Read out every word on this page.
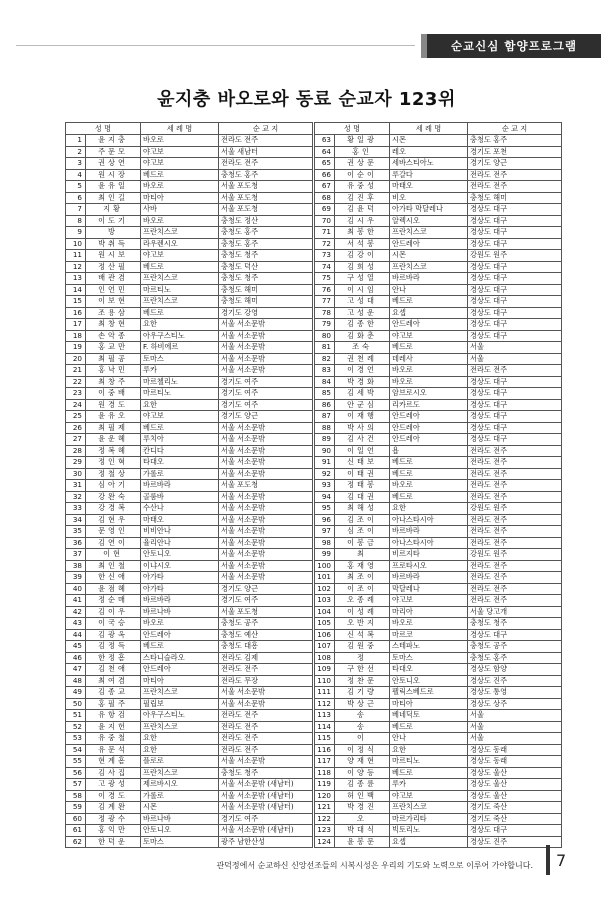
순교신심 함양프로그램
윤지충 바오로와 동료 순교자 123위
성 명		세 례 명	순 교 지
1	윤지충	바오로	전라도 전주
2	주문모	야고보	서울 새남터
3	권상연	야고보	전라도 전주
4	원시장	베드로	충청도 홍주
5	윤유일	바오로	서울 포도청
6	최인길	마티아	서울 포도청
7	지황	사바	서울 포도청
8	이도기	바오로	충청도 정산
9	방	프란치스코	충청도 홍주
10	박취득	라우렌시오	충청도 홍주
11	원시보	야고보	충청도 청주
12	정산필	베드로	충청도 덕산
13	배관겸	프란치스코	충청도 청주
14	인언민	마르티노	충청도 해미
15	이보현	프란치스코	충청도 해미
16	조용삼	베드로	경기도 강영
17	최창현	요한	서울 서소문밖
18	손악종	아우구스티노	서울 서소문밖
19	홍교만	F. 하비에르	서울 서소문밖
20	최필공	토마스	서울 서소문밖
21	홍낙민	루카	서울 서소문밖
22	최창주	마르첼리노	경기도 여주
23	이중배	마르티노	경기도 여주
24	원경도	요한	경기도 여주
25	윤유오	야고보	경기도 양근
26	최필제	베드로	서울 서소문밖
27	윤운혜	루치아	서울 서소문밖
28	정복혜	칸디다	서울 서소문밖
29	정인혁	타대오	서울 서소문밖
30	정철상	가롤로	서울 서소문밖
31	심아기	바르바라	서울 포도청
32	강완숙	골룸바	서울 서소문밖
33	강경복	수산나	서울 서소문밖
34	김현우	마태오	서울 서소문밖
35	문영인	비비안나	서울 서소문밖
36	김연이	율리안나	서울 서소문밖
37	이현	안토니오	서울 서소문밖
38	최인철	이냐시오	서울 서소문밖
39	한신애	아가타	서울 서소문밖
40	윤점혜	아가타	경기도 양근
41	정순매	바르바라	경기도 여주
42	김이우	바르나바	서울 포도청
43	이국승	바오로	충청도 공주
44	김광옥	안드레아	충청도 예산
45	김정득	베드로	충청도 대흥
46	한정흠	스타니슬라오	전라도 김제
47	김천애	안드레아	전라도 전주
48	최여겸	마티아	전라도 무장
49	김종교	프란치스코	서울 서소문밖
50	홍필주	필립보	서울 서소문밖
51	유항검	아우구스티노	전라도 전주
52	윤지헌	프란치스코	전라도 전주
53	유중철	요한	전라도 전주
54	유문석	요한	전라도 전주
55	현계흠	플로로	서울 서소문밖
56	김사집	프란치스코	충청도 청주
57	고광성	제르바시오	서울 서소문밖 (새남터)
58	이경도	가롤로	서울 서소문밖 (새남터)
59	김계완	시몬	서울 서소문밖 (새남터)
60	정광수	바르나바	경기도 여주
61	홍익만	안토니오	서울 서소문밖 (새남터)
62	한덕운	토마스	광주 남한산성
성 명		세 례 명	순 교 지
63	황일광	시몬	충청도 홍주
64	홍인	레오	경기도 포천
65	권상문	세바스티아노	경기도 양근
66	이순이	루갈다	전라도 전주
67	유중성	마태오	전라도 전주
68	김진후	비오	충청도 해미
69	김윤덕	아가타 막달레나	경상도 대구
70	김시우	알렉시오	경상도 대구
71	최봉한	프란치스코	경상도 대구
72	서석봉	안드레아	경상도 대구
73	김강이	시몬	강원도 원주
74	김희성	프란치스코	경상도 대구
75	구성열	바르바라	경상도 대구
76	이시임	안나	경상도 대구
77	고성대	베드로	경상도 대구
78	고성운	요셉	경상도 대구
79	김종한	안드레아	경상도 대구
80	김화춘	야고보	경상도 대구
81	조숙	베드로	서울
82	권천례	데레사	서울
83	이경언	바오로	전라도 전주
84	박경화	바오로	경상도 대구
85	김세박	암브로시오	경상도 대구
86	안군심	리카르도	경상도 대구
87	이재행	안드레아	경상도 대구
88	박사의	안드레아	경상도 대구
89	김사건	안드레아	경상도 대구
90	이일언	욥	전라도 전주
91	신태보	베드로	전라도 전주
92	이태권	베드로	전라도 전주
93	정태봉	바오로	전라도 전주
94	김대권	베드로	전라도 전주
95	최해성	요한	강원도 원주
96	김조이	아나스타시아	전라도 전주
97	심조이	바르바라	전라도 전주
98	이봉금	아나스타시아	전라도 전주
99	최	비르지타	강원도 원주
100	홍재영	프로타시오	전라도 전주
101	최조이	바르바라	전라도 진주
102	이조이	막달레나	전라도 전주
103	오종례	야고보	전라도 전주
104	이성례	마리아	서울 당고개
105	오반지	바오로	충청도 청주
106	신석복	마르코	경상도 대구
107	김원중	스테파노	충청도 공주
108	정	토마스	충청도 홍주
109	구한선	타대오	경상도 함양
110	정찬문	안토니오	경상도 진주
111	김기량	펠릭스베드로	경상도 통영
112	박상근	마티아	경상도 상주
113	송	베네딕토	서울
114	송	베드로	서울
115	이	안나	서울
116	이정식	요한	경상도 동래
117	양재현	마르티노	경상도 동래
118	이양등	베드로	경상도 울산
119	김종륜	루카	경상도 울산
120	허인백	야고보	경상도 울산
121	박경진	프란치스코	경기도 죽산
122	오	마르가리타	경기도 죽산
123	박대식	빅토리노	경상도 대구
124	윤봉문	요셉	경상도 진주
관덕정에서 순교하신 신앙선조들의 시복시성은 우리의 기도와 노력으로 이루어 가야합니다. 7
